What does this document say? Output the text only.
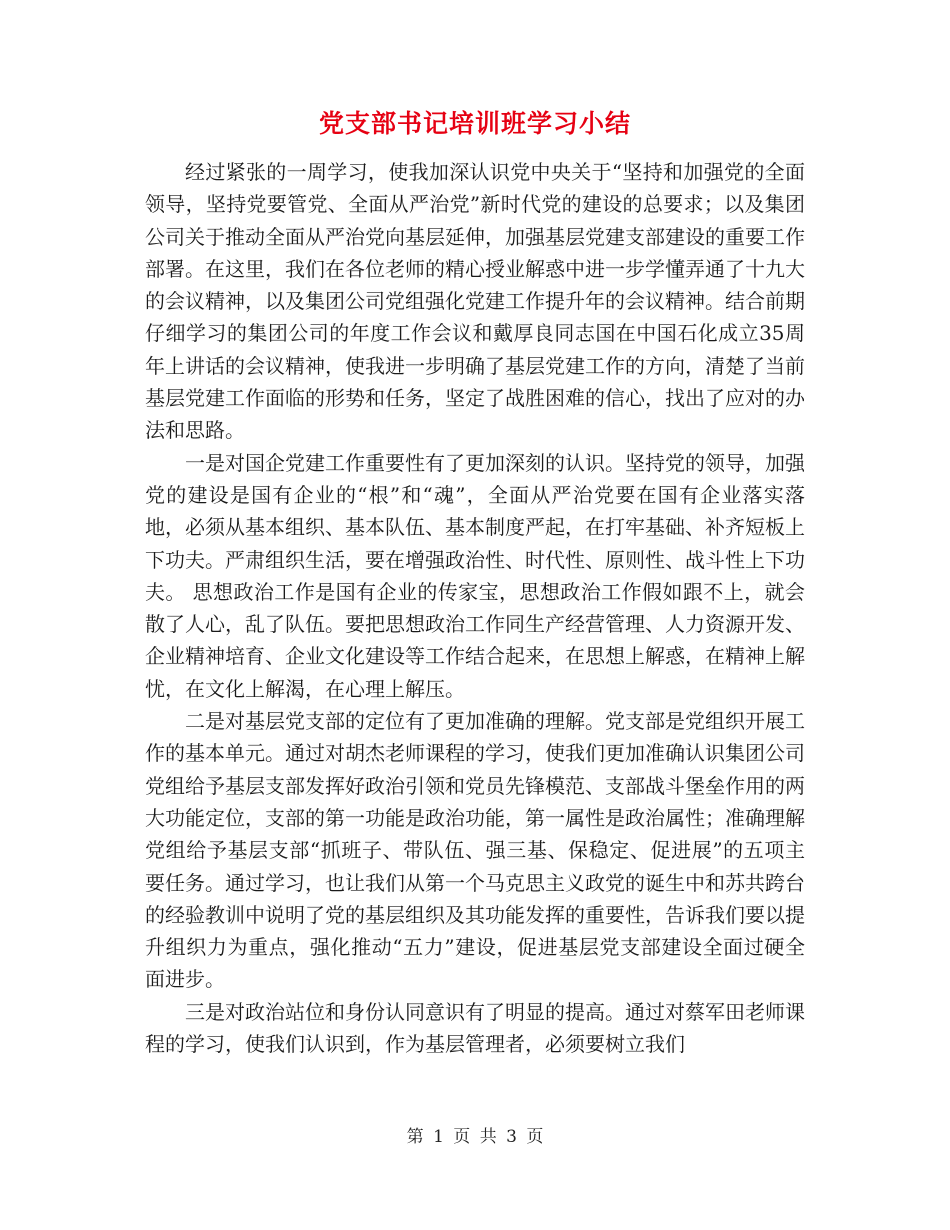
党支部书记培训班学习小结

经过紧张的一周学习，使我加深认识党中央关于“坚持和加强党的全面领导，坚持党要管党、全面从严治党”新时代党的建设的总要求；以及集团公司关于推动全面从严治党向基层延伸，加强基层党建支部建设的重要工作部署。在这里，我们在各位老师的精心授业解惑中进一步学懂弄通了十九大的会议精神，以及集团公司党组强化党建工作提升年的会议精神。结合前期仔细学习的集团公司的年度工作会议和戴厚良同志国在中国石化成立35周年上讲话的会议精神，使我进一步明确了基层党建工作的方向，清楚了当前基层党建工作面临的形势和任务，坚定了战胜困难的信心，找出了应对的办法和思路。

一是对国企党建工作重要性有了更加深刻的认识。坚持党的领导，加强党的建设是国有企业的“根”和“魂”，全面从严治党要在国有企业落实落地，必须从基本组织、基本队伍、基本制度严起，在打牢基础、补齐短板上下功夫。严肃组织生活，要在增强政治性、时代性、原则性、战斗性上下功夫。 思想政治工作是国有企业的传家宝，思想政治工作假如跟不上，就会散了人心，乱了队伍。要把思想政治工作同生产经营管理、人力资源开发、企业精神培育、企业文化建设等工作结合起来，在思想上解惑，在精神上解忧，在文化上解渴，在心理上解压。

二是对基层党支部的定位有了更加准确的理解。党支部是党组织开展工作的基本单元。通过对胡杰老师课程的学习，使我们更加准确认识集团公司党组给予基层支部发挥好政治引领和党员先锋模范、支部战斗堡垒作用的两大功能定位，支部的第一功能是政治功能，第一属性是政治属性；准确理解党组给予基层支部“抓班子、带队伍、强三基、保稳定、促进展”的五项主要任务。通过学习，也让我们从第一个马克思主义政党的诞生中和苏共跨台的经验教训中说明了党的基层组织及其功能发挥的重要性，告诉我们要以提升组织力为重点，强化推动“五力”建设，促进基层党支部建设全面过硬全面进步。

三是对政治站位和身份认同意识有了明显的提高。通过对蔡军田老师课程的学习，使我们认识到，作为基层管理者，必须要树立我们

第 1 页 共 3 页
